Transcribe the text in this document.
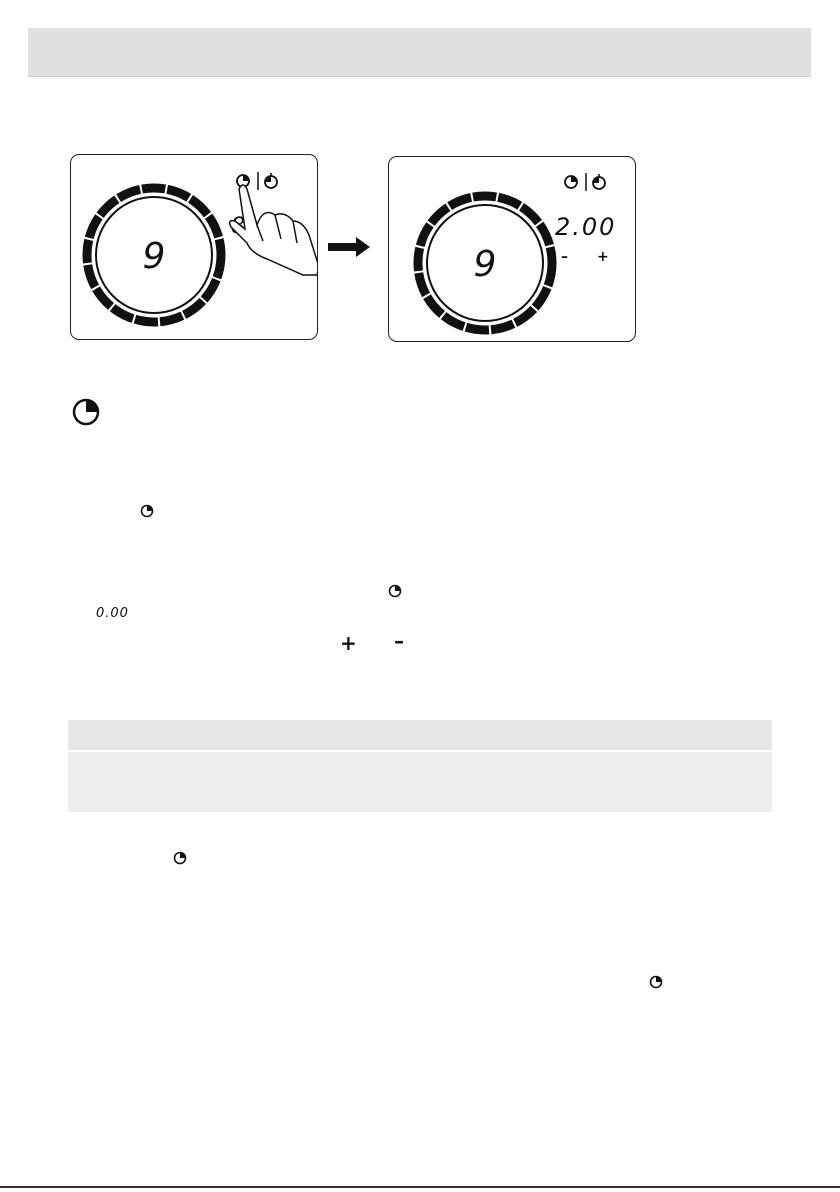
9	9
2.00
– +
0.00
+ –
